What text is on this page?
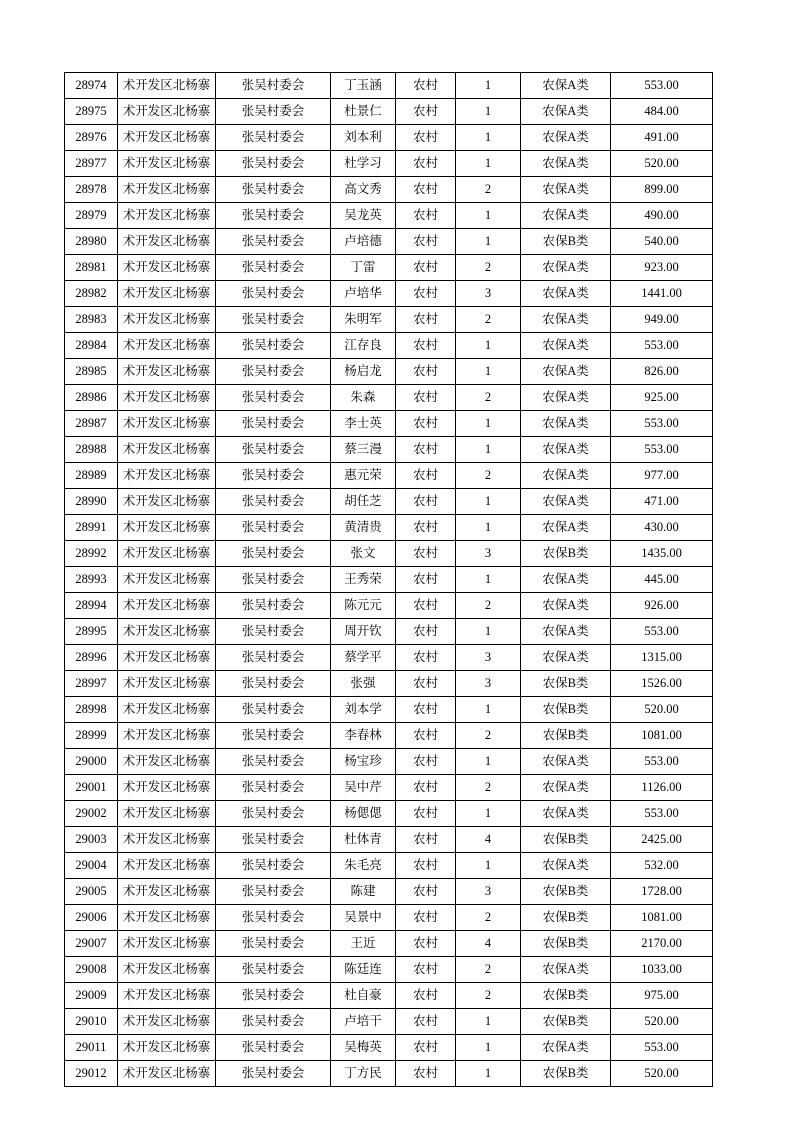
28974	术开发区北杨寨	张吴村委会	丁玉涵	农村	1	农保A类	553.00
28975	术开发区北杨寨	张吴村委会	杜景仁	农村	1	农保A类	484.00
28976	术开发区北杨寨	张吴村委会	刘本利	农村	1	农保A类	491.00
28977	术开发区北杨寨	张吴村委会	杜学习	农村	1	农保A类	520.00
28978	术开发区北杨寨	张吴村委会	高文秀	农村	2	农保A类	899.00
28979	术开发区北杨寨	张吴村委会	吴龙英	农村	1	农保A类	490.00
28980	术开发区北杨寨	张吴村委会	卢培德	农村	1	农保B类	540.00
28981	术开发区北杨寨	张吴村委会	丁雷	农村	2	农保A类	923.00
28982	术开发区北杨寨	张吴村委会	卢培华	农村	3	农保A类	1441.00
28983	术开发区北杨寨	张吴村委会	朱明军	农村	2	农保A类	949.00
28984	术开发区北杨寨	张吴村委会	江存良	农村	1	农保A类	553.00
28985	术开发区北杨寨	张吴村委会	杨启龙	农村	1	农保A类	826.00
28986	术开发区北杨寨	张吴村委会	朱森	农村	2	农保A类	925.00
28987	术开发区北杨寨	张吴村委会	李士英	农村	1	农保A类	553.00
28988	术开发区北杨寨	张吴村委会	蔡三漫	农村	1	农保A类	553.00
28989	术开发区北杨寨	张吴村委会	惠元荣	农村	2	农保A类	977.00
28990	术开发区北杨寨	张吴村委会	胡任芝	农村	1	农保A类	471.00
28991	术开发区北杨寨	张吴村委会	黄清贵	农村	1	农保A类	430.00
28992	术开发区北杨寨	张吴村委会	张文	农村	3	农保B类	1435.00
28993	术开发区北杨寨	张吴村委会	王秀荣	农村	1	农保A类	445.00
28994	术开发区北杨寨	张吴村委会	陈元元	农村	2	农保A类	926.00
28995	术开发区北杨寨	张吴村委会	周开钦	农村	1	农保A类	553.00
28996	术开发区北杨寨	张吴村委会	蔡学平	农村	3	农保A类	1315.00
28997	术开发区北杨寨	张吴村委会	张强	农村	3	农保B类	1526.00
28998	术开发区北杨寨	张吴村委会	刘本学	农村	1	农保B类	520.00
28999	术开发区北杨寨	张吴村委会	李春林	农村	2	农保B类	1081.00
29000	术开发区北杨寨	张吴村委会	杨宝珍	农村	1	农保A类	553.00
29001	术开发区北杨寨	张吴村委会	吴中芹	农村	2	农保A类	1126.00
29002	术开发区北杨寨	张吴村委会	杨偲偲	农村	1	农保A类	553.00
29003	术开发区北杨寨	张吴村委会	杜体青	农村	4	农保B类	2425.00
29004	术开发区北杨寨	张吴村委会	朱毛亮	农村	1	农保A类	532.00
29005	术开发区北杨寨	张吴村委会	陈建	农村	3	农保B类	1728.00
29006	术开发区北杨寨	张吴村委会	吴景中	农村	2	农保B类	1081.00
29007	术开发区北杨寨	张吴村委会	王近	农村	4	农保B类	2170.00
29008	术开发区北杨寨	张吴村委会	陈廷连	农村	2	农保A类	1033.00
29009	术开发区北杨寨	张吴村委会	杜自豪	农村	2	农保B类	975.00
29010	术开发区北杨寨	张吴村委会	卢培干	农村	1	农保B类	520.00
29011	术开发区北杨寨	张吴村委会	吴梅英	农村	1	农保A类	553.00
29012	术开发区北杨寨	张吴村委会	丁方民	农村	1	农保B类	520.00
